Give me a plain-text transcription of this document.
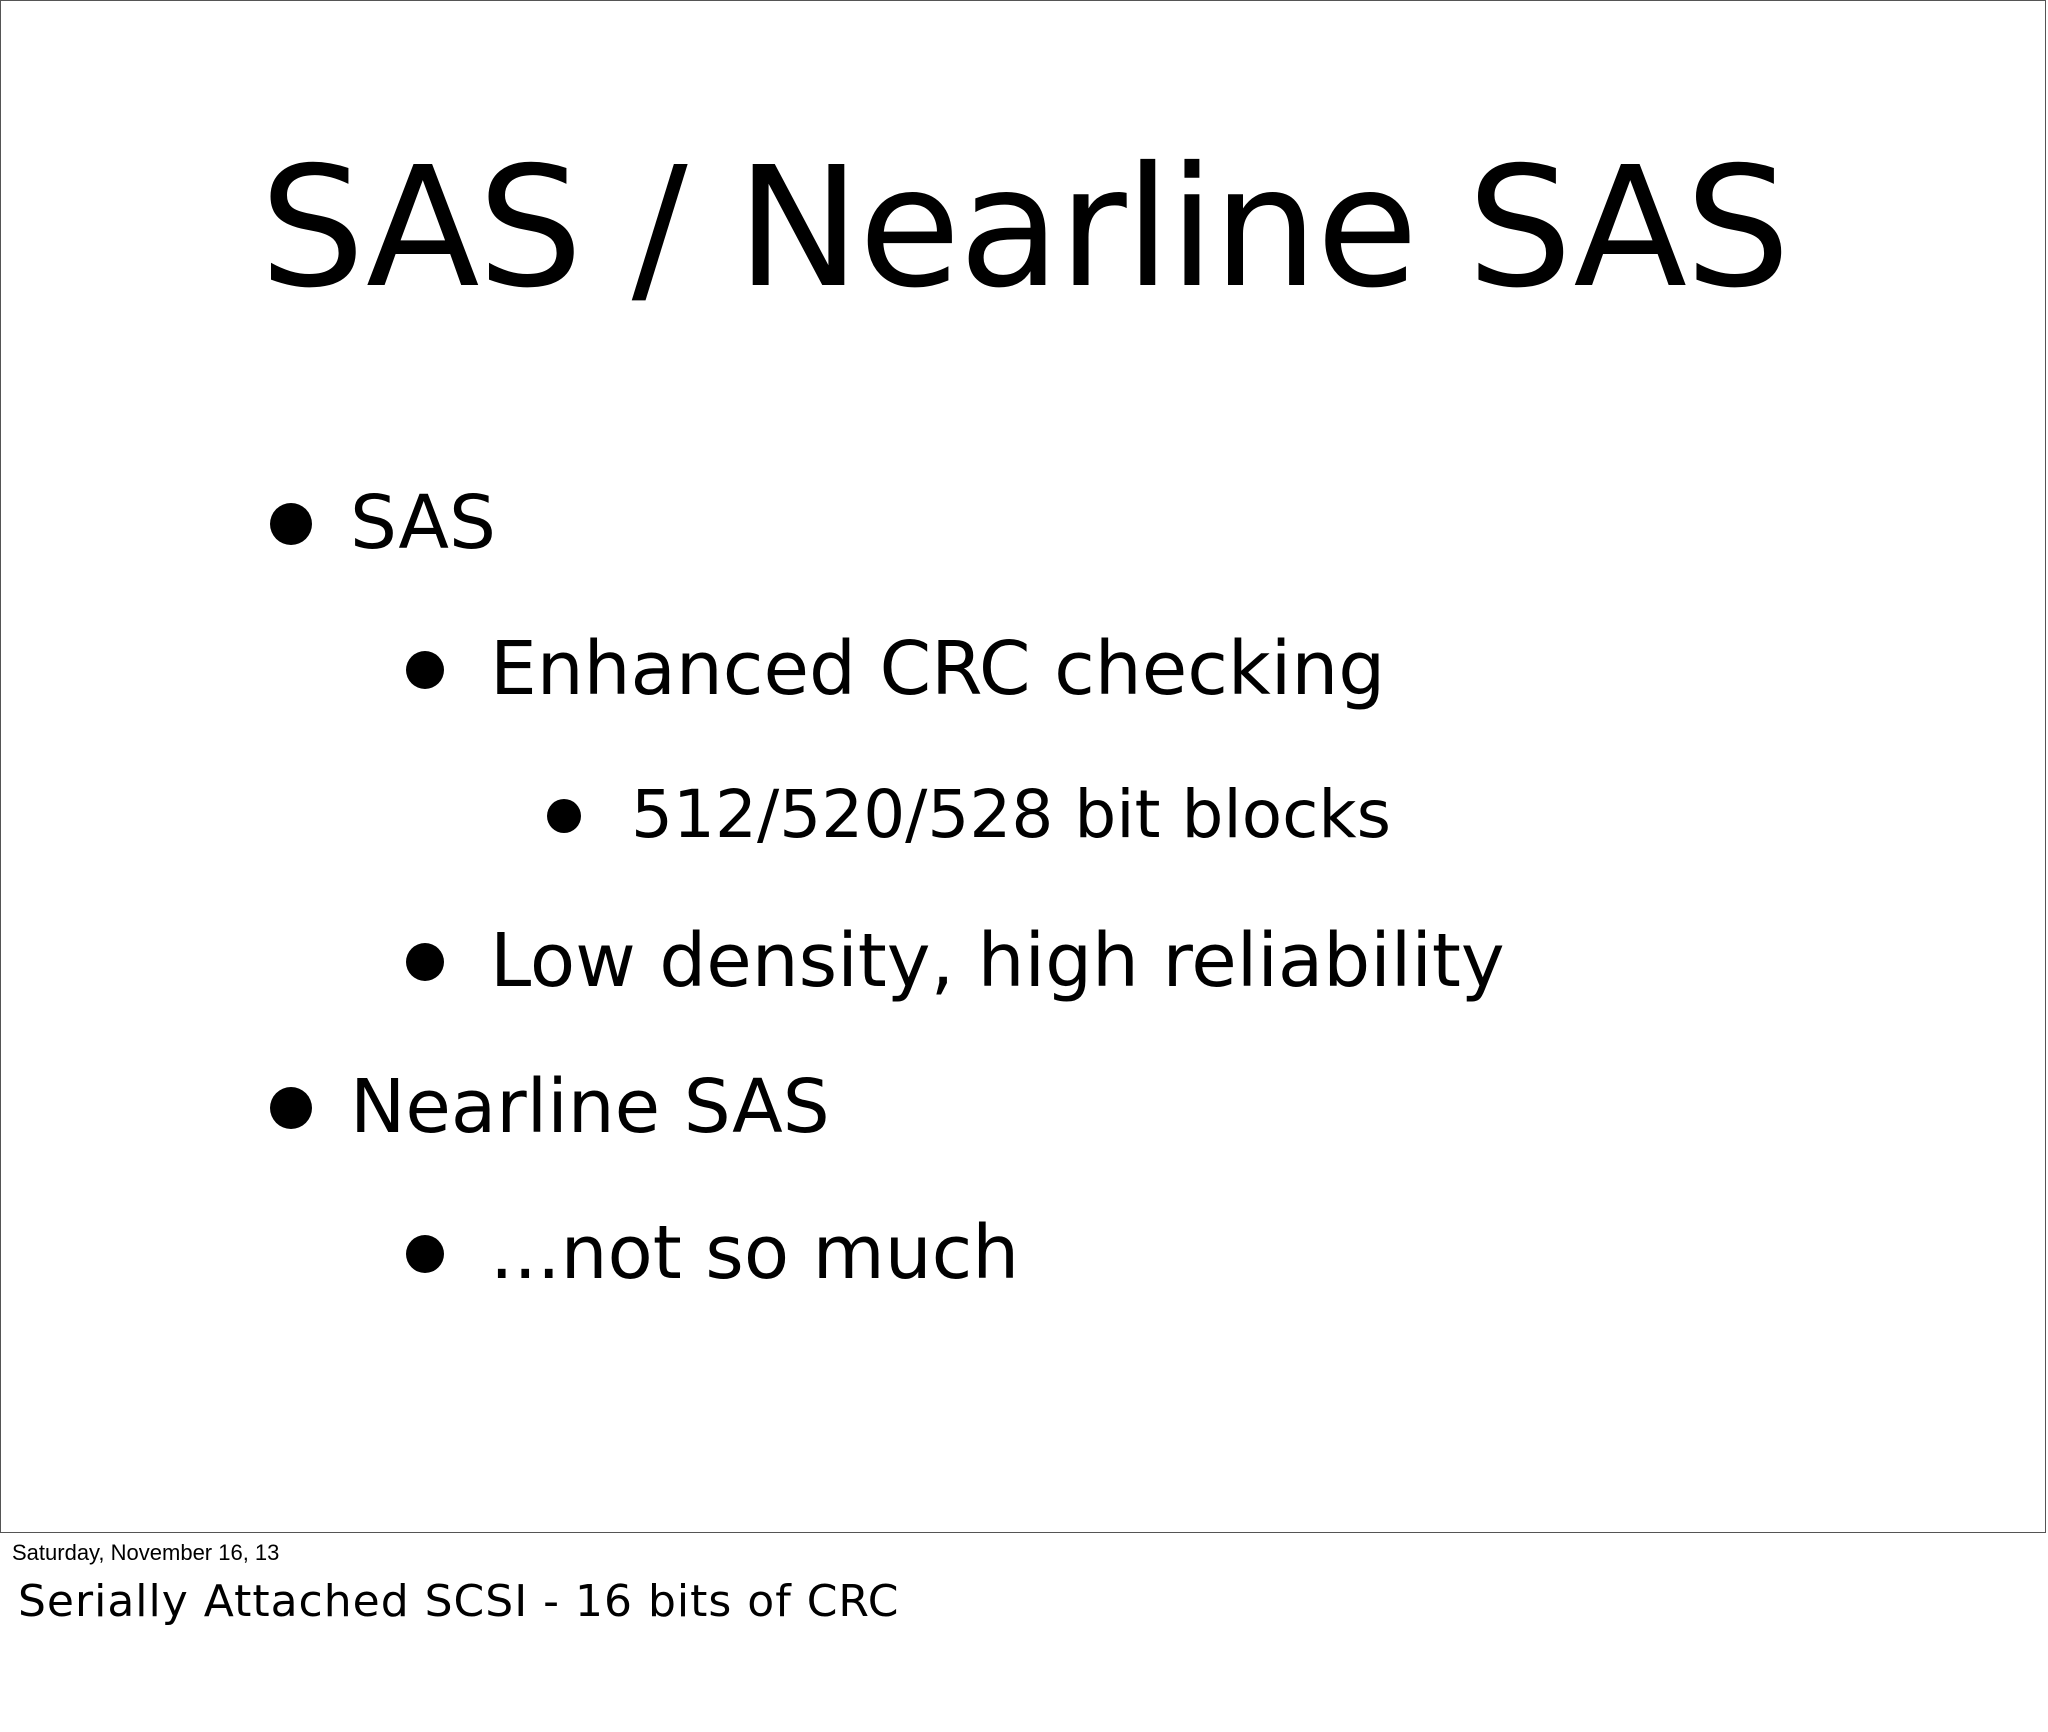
SAS / Nearline SAS
SAS
Enhanced CRC checking
512/520/528 bit blocks
Low density, high reliability
Nearline SAS
...not so much
Saturday, November 16, 13
Serially Attached SCSI - 16 bits of CRC
